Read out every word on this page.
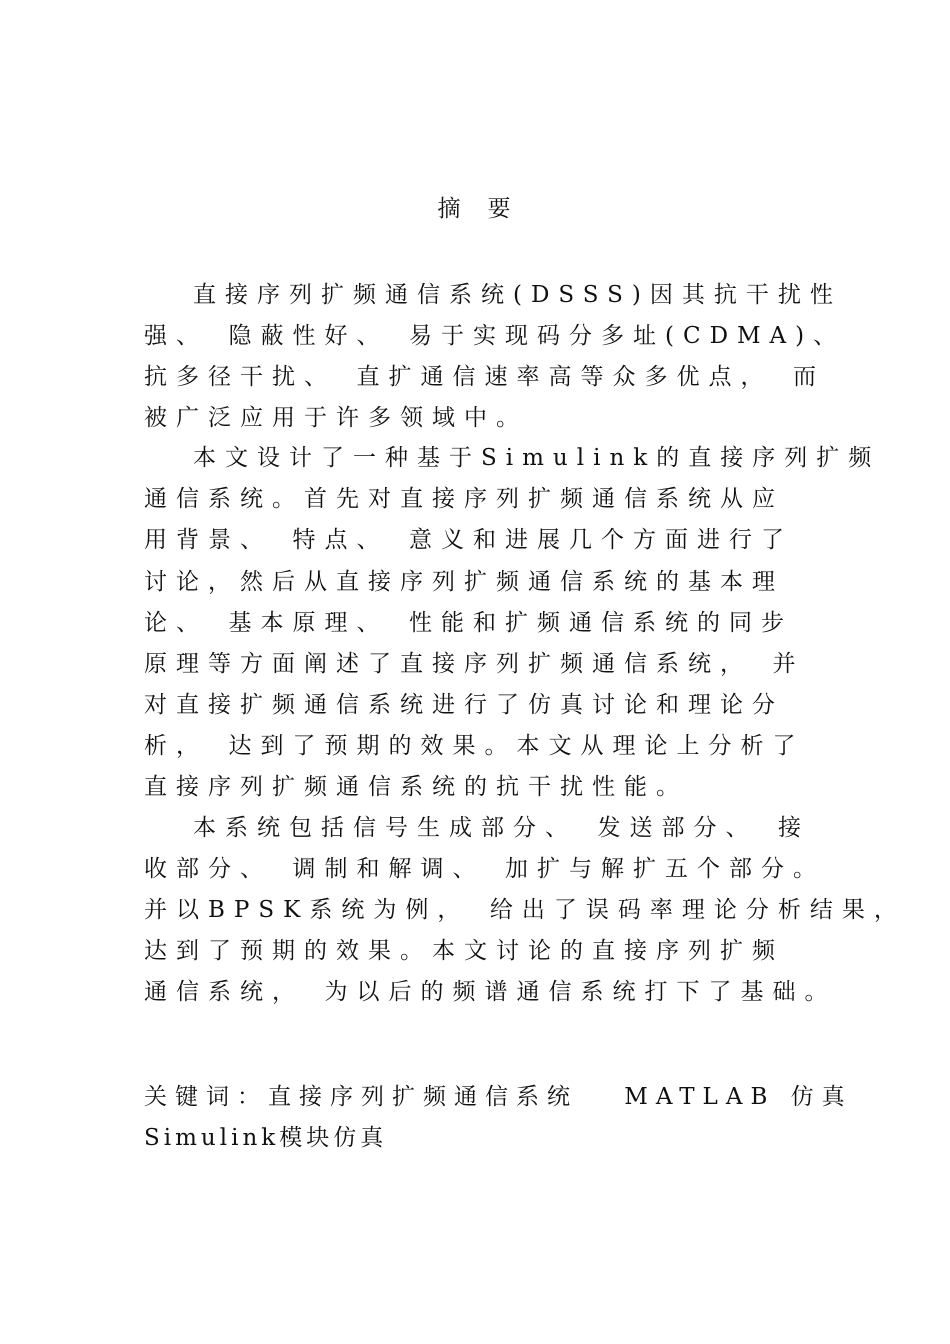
摘　要
直接序列扩频通信系统(DSSS)因其抗干扰性
强、　隐蔽性好、　易于实现码分多址(CDMA)、
抗多径干扰、　直扩通信速率高等众多优点，　而
被广泛应用于许多领域中。
本文设计了一种基于Simulink的直接序列扩频
通信系统。首先对直接序列扩频通信系统从应
用背景、　特点、　意义和进展几个方面进行了
讨论，然后从直接序列扩频通信系统的基本理
论、　基本原理、　性能和扩频通信系统的同步
原理等方面阐述了直接序列扩频通信系统，　并
对直接扩频通信系统进行了仿真讨论和理论分
析，　达到了预期的效果。本文从理论上分析了
直接序列扩频通信系统的抗干扰性能。
本系统包括信号生成部分、　发送部分、　接
收部分、　调制和解调、　加扩与解扩五个部分。
并以BPSK系统为例，　给出了误码率理论分析结果，
达到了预期的效果。本文讨论的直接序列扩频
通信系统，　为以后的频谱通信系统打下了基础。
关键词：直接序列扩频通信系统　 MATLAB 仿真
Simulink模块仿真
